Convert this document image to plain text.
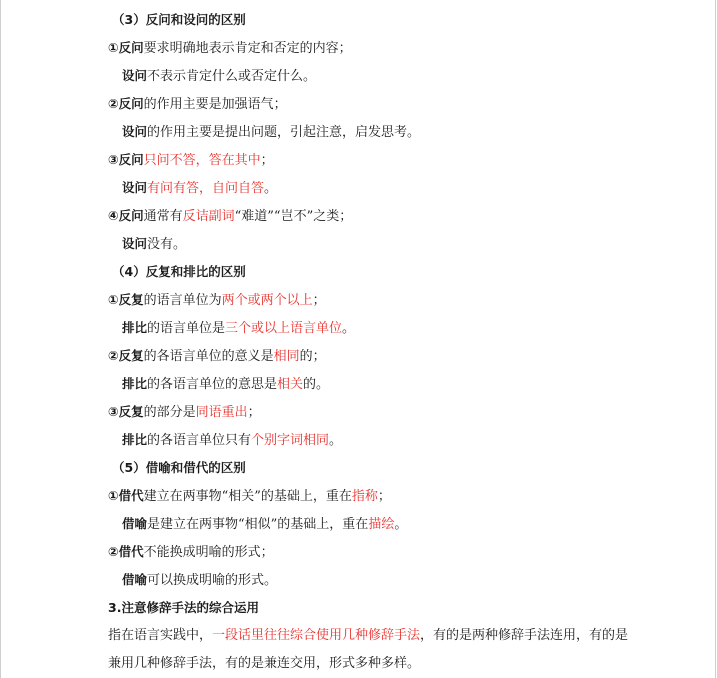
（3）反问和设问的区别
①反问要求明确地表示肯定和否定的内容；
设问不表示肯定什么或否定什么。
②反问的作用主要是加强语气；
设问的作用主要是提出问题，引起注意，启发思考。
③反问只问不答，答在其中；
设问有问有答，自问自答。
④反问通常有反诘副词“难道”“岂不”之类；
设问没有。
（4）反复和排比的区别
①反复的语言单位为两个或两个以上；
排比的语言单位是三个或以上语言单位。
②反复的各语言单位的意义是相同的；
排比的各语言单位的意思是相关的。
③反复的部分是同语重出；
排比的各语言单位只有个别字词相同。
（5）借喻和借代的区别
①借代建立在两事物“相关”的基础上，重在指称；
借喻是建立在两事物“相似”的基础上，重在描绘。
②借代不能换成明喻的形式；
借喻可以换成明喻的形式。
3.注意修辞手法的综合运用
指在语言实践中，一段话里往往综合使用几种修辞手法，有的是两种修辞手法连用，有的是
兼用几种修辞手法，有的是兼连交用，形式多种多样。
